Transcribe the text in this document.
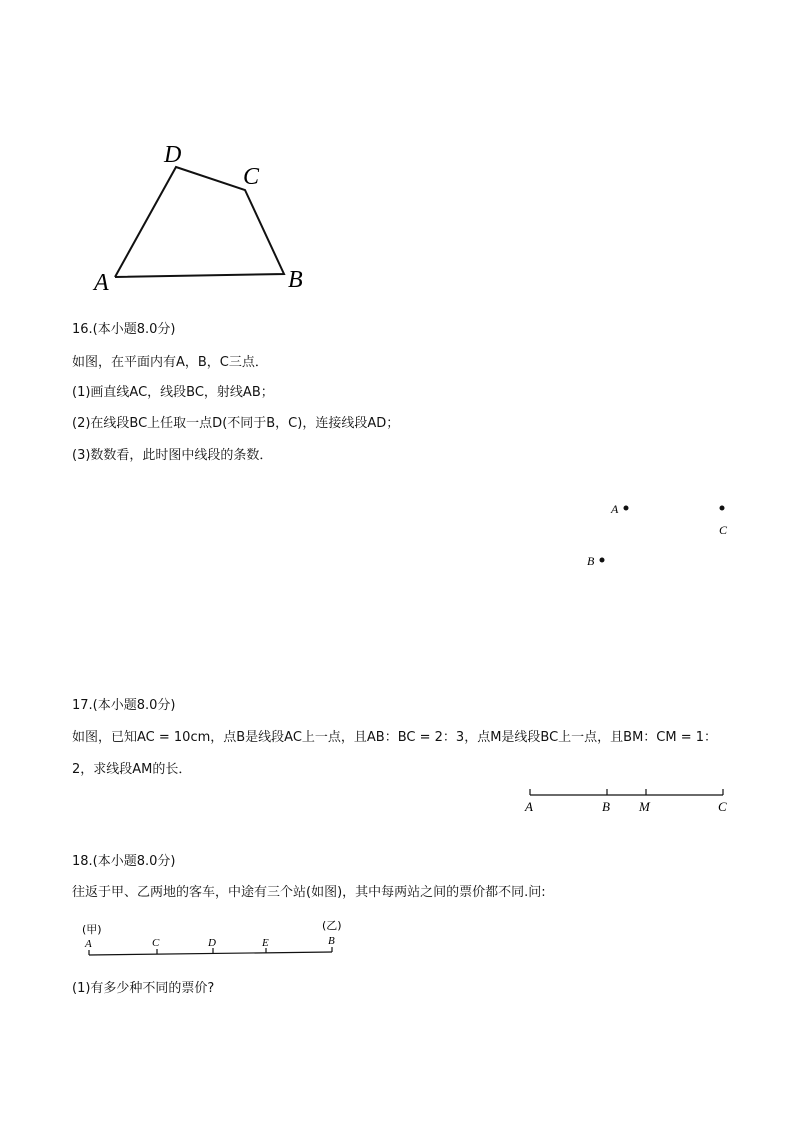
D
C
A	B
A
C
B
A	B M	C
(甲)	(乙)
A	C	D	E	B
16.(本小题8.0分)
如图，在平面内有A，B，C三点．
(1)画直线AC，线段BC，射线AB；
(2)在线段BC上任取一点D(不同于B，C)，连接线段AD；
(3)数数看，此时图中线段的条数．
17.(本小题8.0分)
如图，已知AC = 10cm，点B是线段AC上一点，且AB：BC = 2：3，点M是线段BC上一点，且BM：CM = 1：
2，求线段AM的长．
18.(本小题8.0分)
往返于甲、乙两地的客车，中途有三个站(如图)，其中每两站之间的票价都不同.问:
(1)有多少种不同的票价?
